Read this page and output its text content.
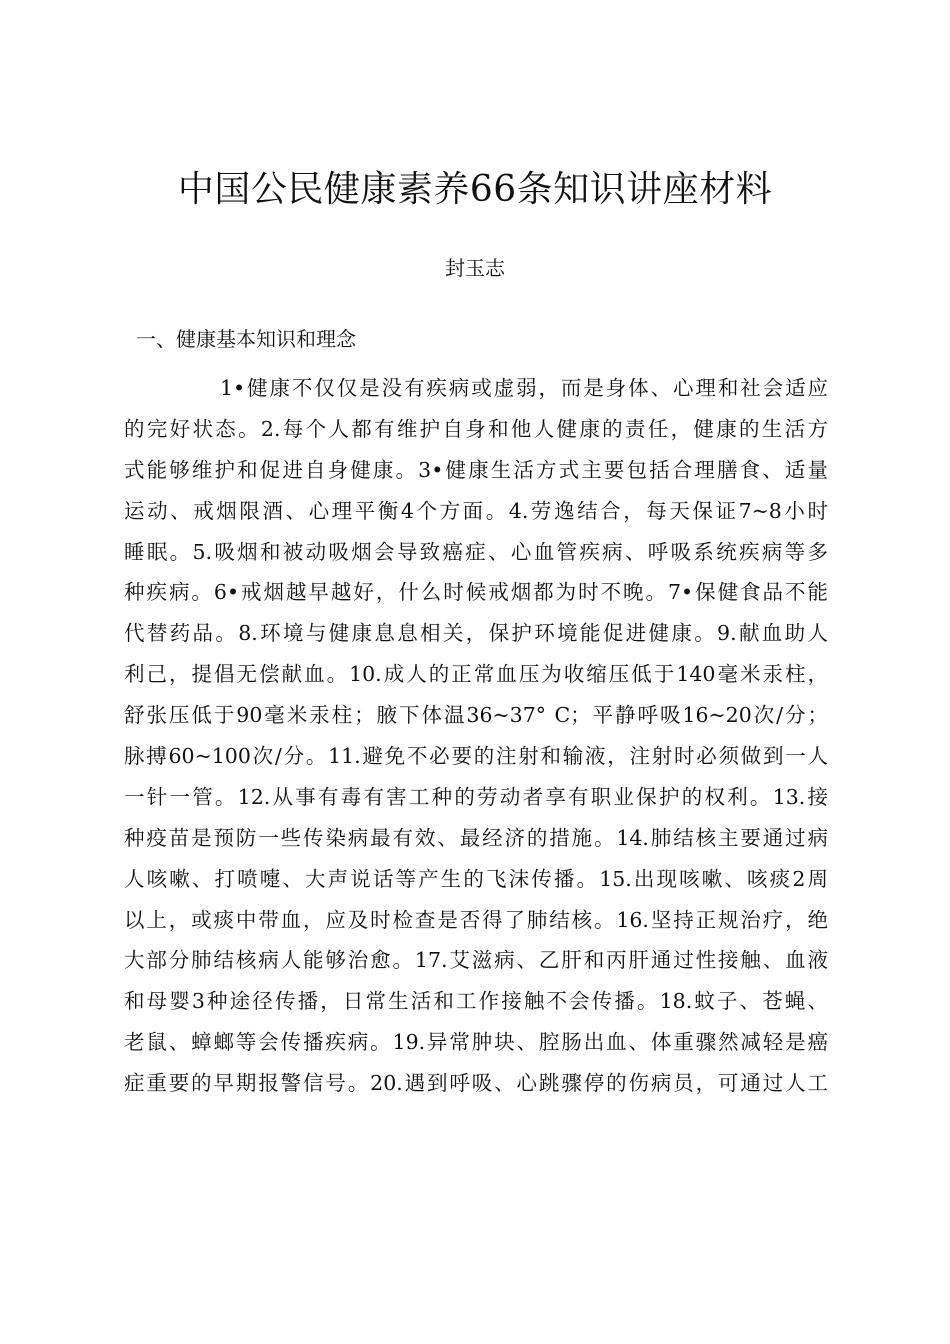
中国公民健康素养66条知识讲座材料
封玉志
一、健康基本知识和理念
1•健康不仅仅是没有疾病或虚弱，而是身体、心理和社会适应
的完好状态。2.每个人都有维护自身和他人健康的责任，健康的生活方
式能够维护和促进自身健康。3•健康生活方式主要包括合理膳食、适量
运动、戒烟限酒、心理平衡4个方面。4.劳逸结合，每天保证7~8小时
睡眠。5.吸烟和被动吸烟会导致癌症、心血管疾病、呼吸系统疾病等多
种疾病。6•戒烟越早越好，什么时候戒烟都为时不晚。7•保健食品不能
代替药品。8.环境与健康息息相关，保护环境能促进健康。9.献血助人
利己，提倡无偿献血。10.成人的正常血压为收缩压低于140毫米汞柱，
舒张压低于90毫米汞柱；腋下体温36~37° C；平静呼吸16~20次/分；
脉搏60~100次/分。11.避免不必要的注射和输液，注射时必须做到一人
一针一管。12.从事有毒有害工种的劳动者享有职业保护的权利。13.接
种疫苗是预防一些传染病最有效、最经济的措施。14.肺结核主要通过病
人咳嗽、打喷嚏、大声说话等产生的飞沫传播。15.出现咳嗽、咳痰2周
以上，或痰中带血，应及时检查是否得了肺结核。16.坚持正规治疗，绝
大部分肺结核病人能够治愈。17.艾滋病、乙肝和丙肝通过性接触、血液
和母婴3种途径传播，日常生活和工作接触不会传播。18.蚊子、苍蝇、
老鼠、蟑螂等会传播疾病。19.异常肿块、腔肠出血、体重骤然减轻是癌
症重要的早期报警信号。20.遇到呼吸、心跳骤停的伤病员，可通过人工
